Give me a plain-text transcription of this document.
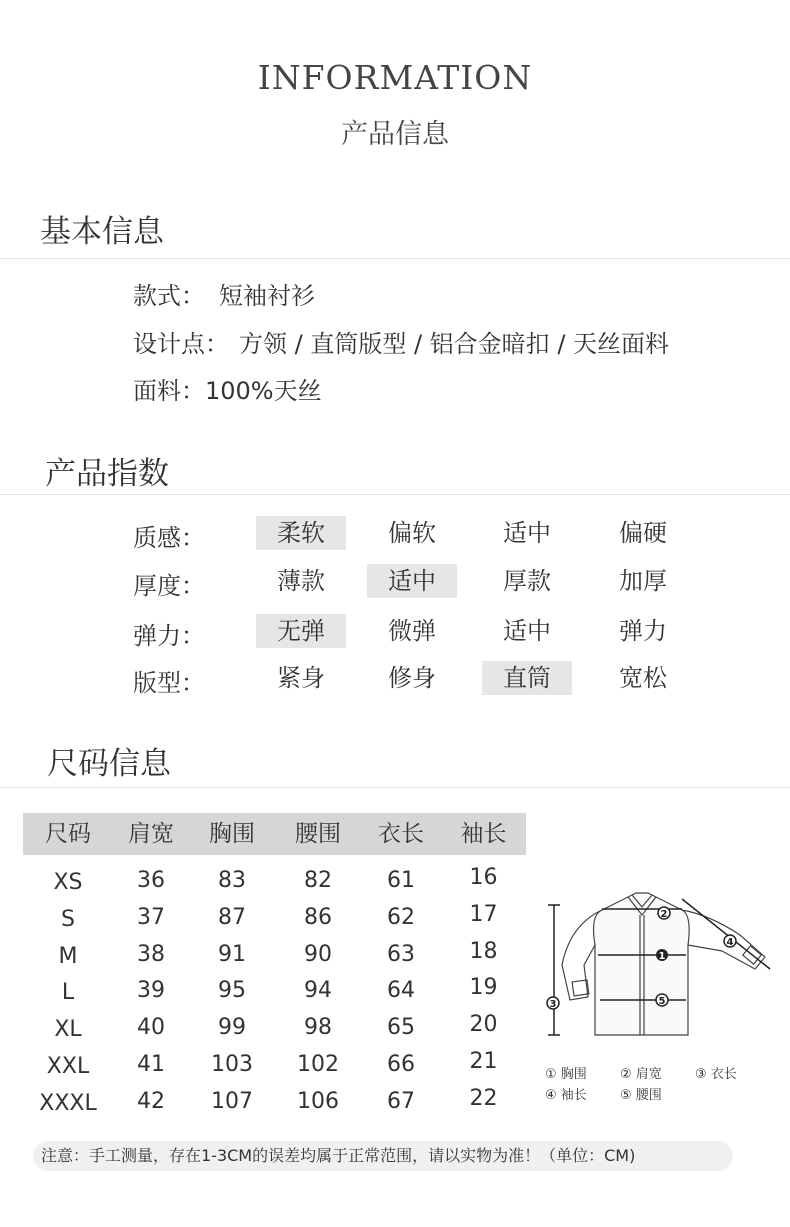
INFORMATION
产品信息
基本信息
款式： 短袖衬衫
设计点： 方领 / 直筒版型 / 铝合金暗扣 / 天丝面料
面料：100%天丝
产品指数
质感：	柔软	偏软	适中	偏硬
厚度：	薄款	适中	厚款	加厚
弹力：	无弹	微弹	适中	弹力
版型：	紧身	修身	直筒	宽松
尺码信息
尺码	肩宽	胸围	腰围	衣长	袖长
XS	36	83	82	61	16
S	37	87	86	62	17
M	38	91	90	63	18
L	39	95	94	64	19
XL	40	99	98	65	20
XXL	41	103	102	66	21
XXXL	42	107	106	67	22
1
2
3
4
5
① 胸围	② 肩宽	③ 衣长
④ 袖长	⑤ 腰围
注意：手工测量，存在1-3CM的误差均属于正常范围，请以实物为准！（单位：CM)
